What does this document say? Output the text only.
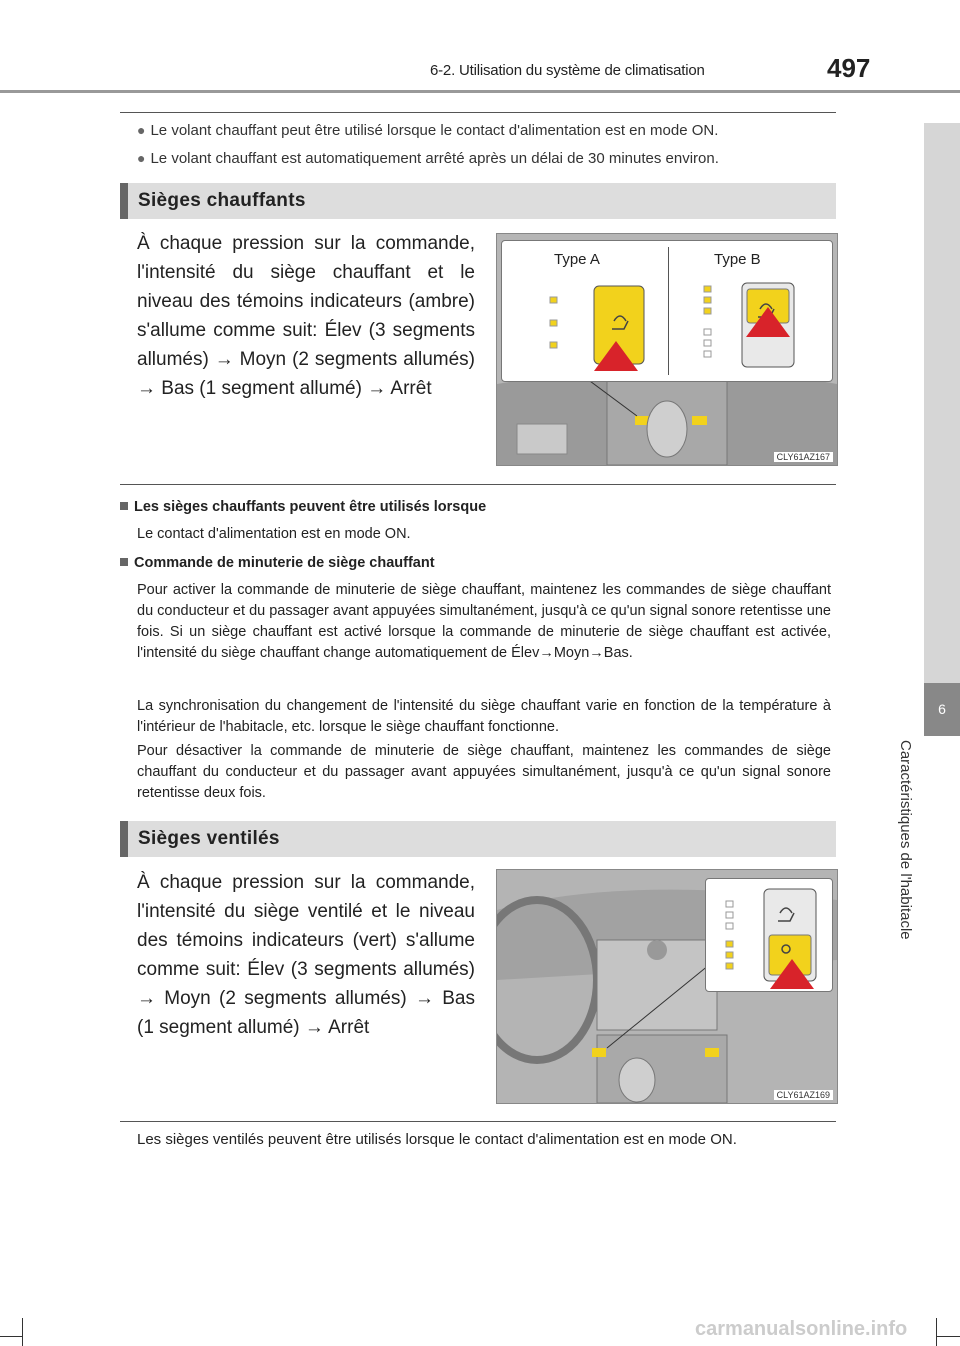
6-2. Utilisation du système de climatisation	497
6
Caractéristiques de l'habitacle
● Le volant chauffant peut être utilisé lorsque le contact d'alimentation est en mode ON.
● Le volant chauffant est automatiquement arrêté après un délai de 30 minutes environ.
Sièges chauffants
À chaque pression sur la commande, l'intensité du siège chauffant et le niveau des témoins indicateurs (ambre) s'allume comme suit: Élev (3 segments allumés) → Moyn (2 segments allumés) → Bas (1 segment allumé) → Arrêt
Type A	Type B
CLY61AZ167
Les sièges chauffants peuvent être utilisés lorsque
Le contact d'alimentation est en mode ON.
Commande de minuterie de siège chauffant
Pour activer la commande de minuterie de siège chauffant, maintenez les commandes de siège chauffant du conducteur et du passager avant appuyées simultanément, jusqu'à ce qu'un signal sonore retentisse une fois. Si un siège chauffant est activé lorsque la commande de minuterie de siège chauffant est activée, l'intensité du siège chauffant change automatiquement de Élev→Moyn→Bas.
La synchronisation du changement de l'intensité du siège chauffant varie en fonction de la température à l'intérieur de l'habitacle, etc. lorsque le siège chauffant fonctionne.
Pour désactiver la commande de minuterie de siège chauffant, maintenez les commandes de siège chauffant du conducteur et du passager avant appuyées simultanément, jusqu'à ce qu'un signal sonore retentisse deux fois.
Sièges ventilés
À chaque pression sur la commande, l'intensité du siège ventilé et le niveau des témoins indicateurs (vert) s'allume comme suit: Élev (3 segments allumés) → Moyn (2 segments allumés) → Bas (1 segment allumé) → Arrêt
CLY61AZ169
Les sièges ventilés peuvent être utilisés lorsque le contact d'alimentation est en mode ON.
carmanualsonline.info
